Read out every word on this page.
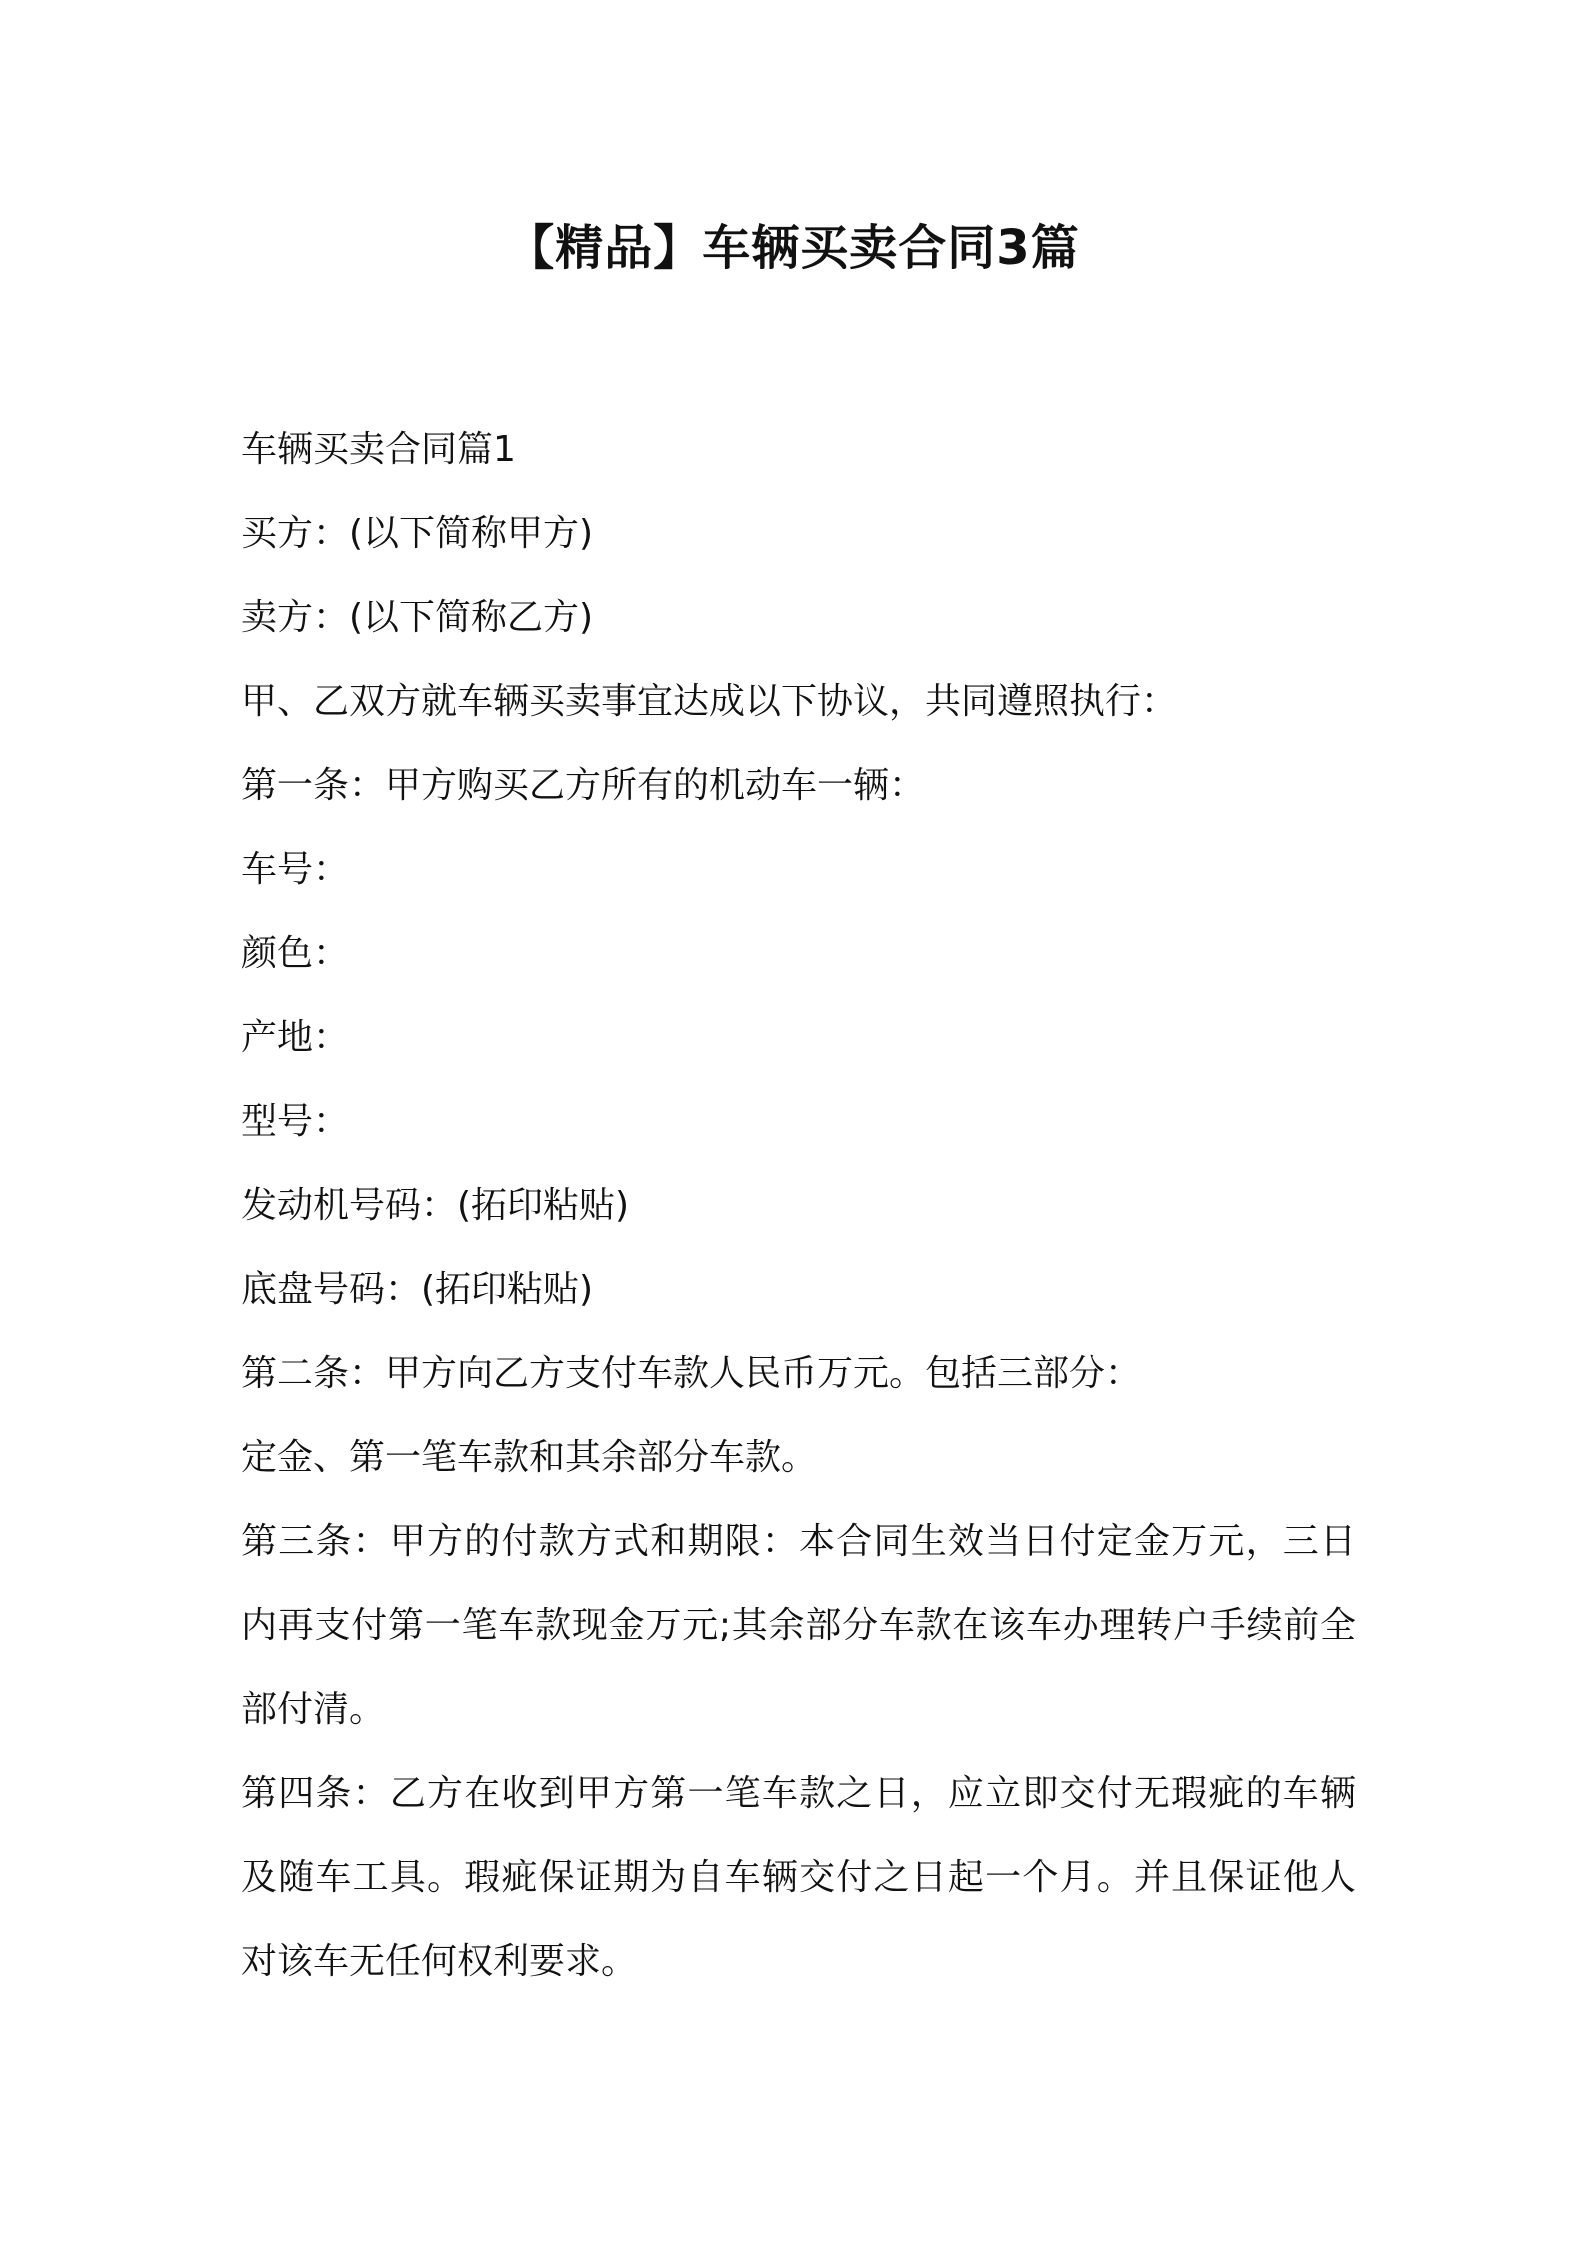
【精品】车辆买卖合同3篇

车辆买卖合同篇1

买方：(以下简称甲方)

卖方：(以下简称乙方)

甲、乙双方就车辆买卖事宜达成以下协议，共同遵照执行：

第一条：甲方购买乙方所有的机动车一辆：

车号：

颜色：

产地：

型号：

发动机号码：(拓印粘贴)

底盘号码：(拓印粘贴)

第二条：甲方向乙方支付车款人民币万元。包括三部分：

定金、第一笔车款和其余部分车款。

第三条：甲方的付款方式和期限：本合同生效当日付定金万元，三日内再支付第一笔车款现金万元;其余部分车款在该车办理转户手续前全部付清。

第四条：乙方在收到甲方第一笔车款之日，应立即交付无瑕疵的车辆及随车工具。瑕疵保证期为自车辆交付之日起一个月。并且保证他人对该车无任何权利要求。
